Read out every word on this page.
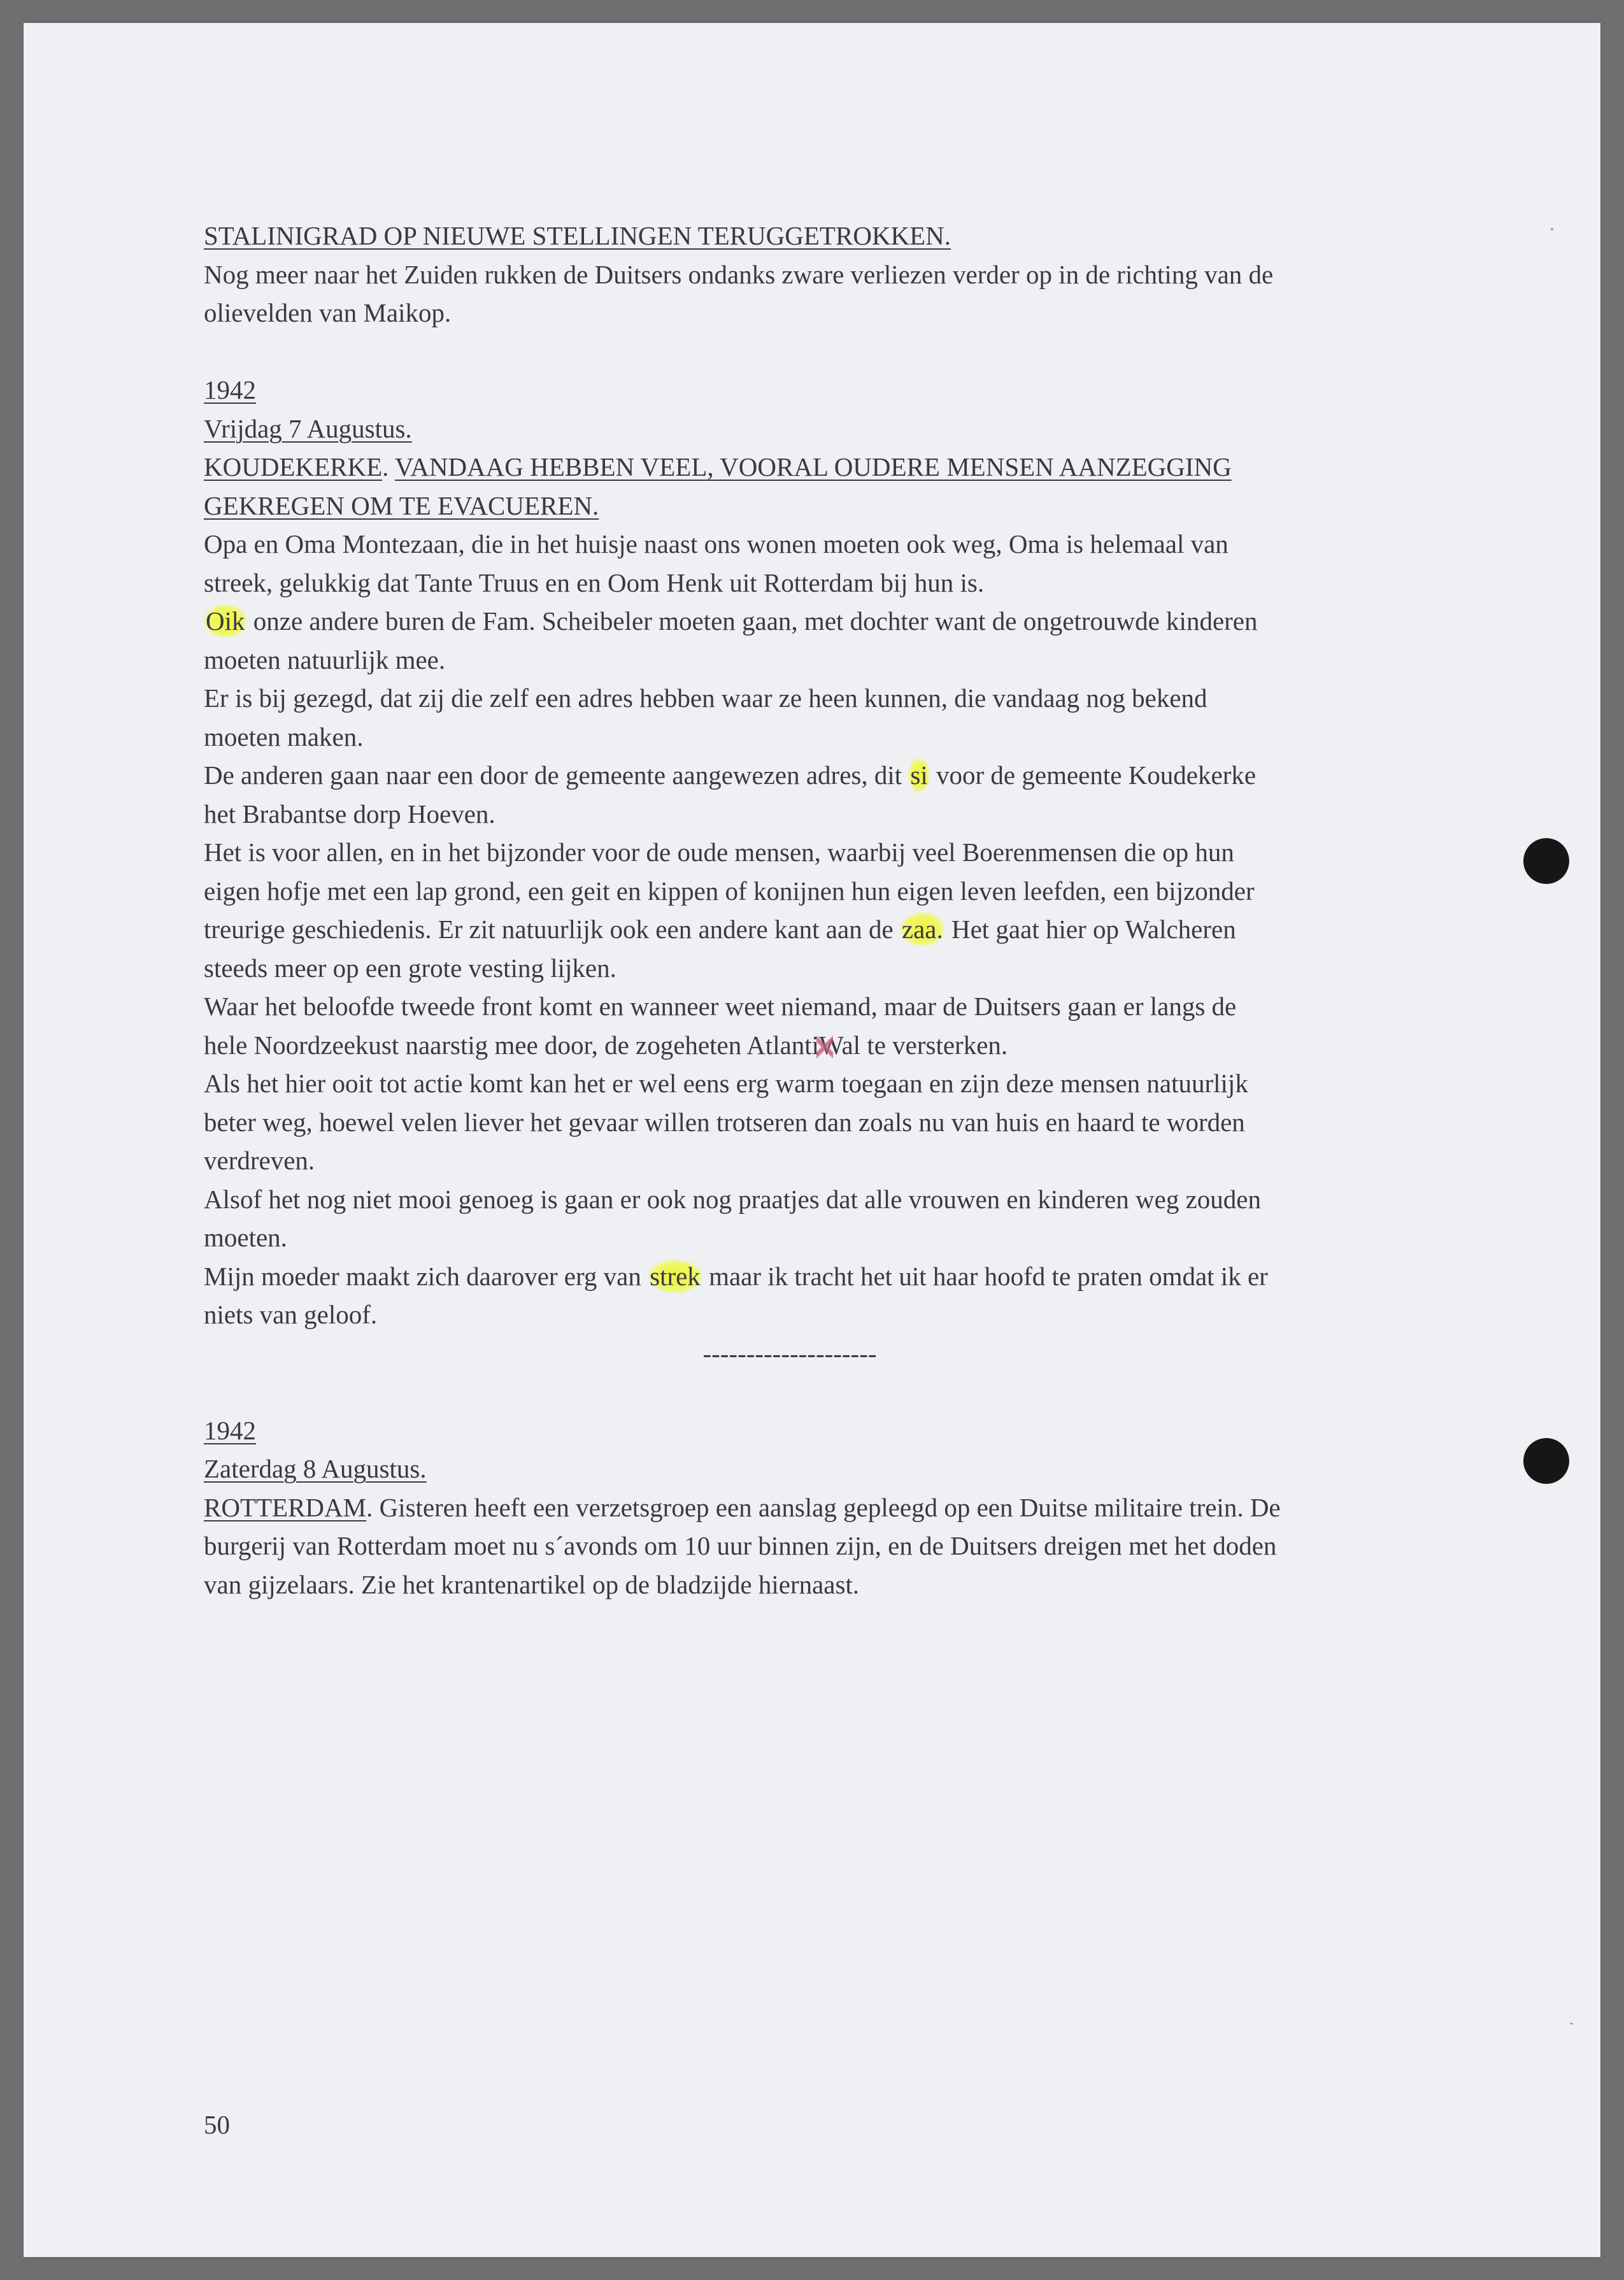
STALINIGRAD OP NIEUWE STELLINGEN TERUGGETROKKEN.

Nog meer naar het Zuiden rukken de Duitsers ondanks zware verliezen verder op in de richting van de

olievelden van Maikop.

1942

Vrijdag 7 Augustus.

KOUDEKERKE. VANDAAG HEBBEN VEEL, VOORAL OUDERE MENSEN AANZEGGING

GEKREGEN OM TE EVACUEREN.

Opa en Oma Montezaan, die in het huisje naast ons wonen moeten ook weg, Oma is helemaal van

streek, gelukkig dat Tante Truus en en Oom Henk uit Rotterdam bij hun is.

Oik onze andere buren de Fam. Scheibeler moeten gaan, met dochter want de ongetrouwde kinderen

moeten natuurlijk mee.

Er is bij gezegd, dat zij die zelf een adres hebben waar ze heen kunnen, die vandaag nog bekend

moeten maken.

De anderen gaan naar een door de gemeente aangewezen adres, dit si voor de gemeente Koudekerke

het Brabantse dorp Hoeven.

Het is voor allen, en in het bijzonder voor de oude mensen, waarbij veel Boerenmensen die op hun

eigen hofje met een lap grond, een geit en kippen of konijnen hun eigen leven leefden, een bijzonder

treurige geschiedenis. Er zit natuurlijk ook een andere kant aan de zaa. Het gaat hier op Walcheren

steeds meer op een grote vesting lijken.

Waar het beloofde tweede front komt en wanneer weet niemand, maar de Duitsers gaan er langs de

hele Noordzeekust naarstig mee door, de zogeheten AtlantiWal te versterken.

Als het hier ooit tot actie komt kan het er wel eens erg warm toegaan en zijn deze mensen natuurlijk

beter weg, hoewel velen liever het gevaar willen trotseren dan zoals nu van huis en haard te worden

verdreven.

Alsof het nog niet mooi genoeg is gaan er ook nog praatjes dat alle vrouwen en kinderen weg zouden

moeten.

Mijn moeder maakt zich daarover erg van strek maar ik tracht het uit haar hoofd te praten omdat ik er

niets van geloof.

--------------------

1942

Zaterdag 8 Augustus.

ROTTERDAM. Gisteren heeft een verzetsgroep een aanslag gepleegd op een Duitse militaire trein. De

burgerij van Rotterdam moet nu s´avonds om 10 uur binnen zijn, en de Duitsers dreigen met het doden

van gijzelaars. Zie het krantenartikel op de bladzijde hiernaast.

50
